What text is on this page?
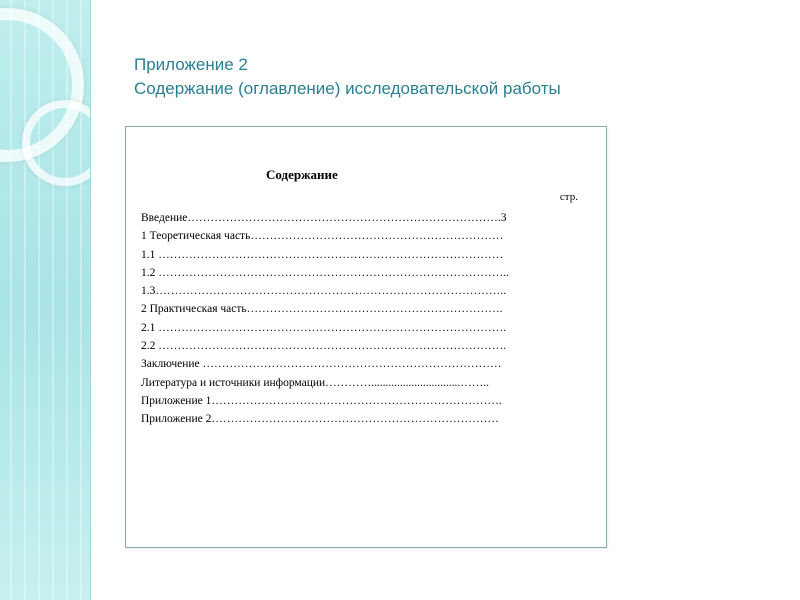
Приложение 2
Содержание (оглавление) исследовательской работы
Содержание
стр.
Введение……………………………………………………………………….3
1 Теоретическая часть…………………………………………………………
1.1 ………………………………………………………………………………
1.2 ………………………………………………………………………………..
1.3………………………………………………………………………………..
2 Практическая часть………………………………………………………….
2.1 ……………………………………………………………………………….
2.2 ……………………………………………………………………………….
Заключение ……………………………………………………………………
Литература и источники информации…………...............................……..
Приложение 1………………………………………………………………….
Приложение 2…………………………………………………………………
